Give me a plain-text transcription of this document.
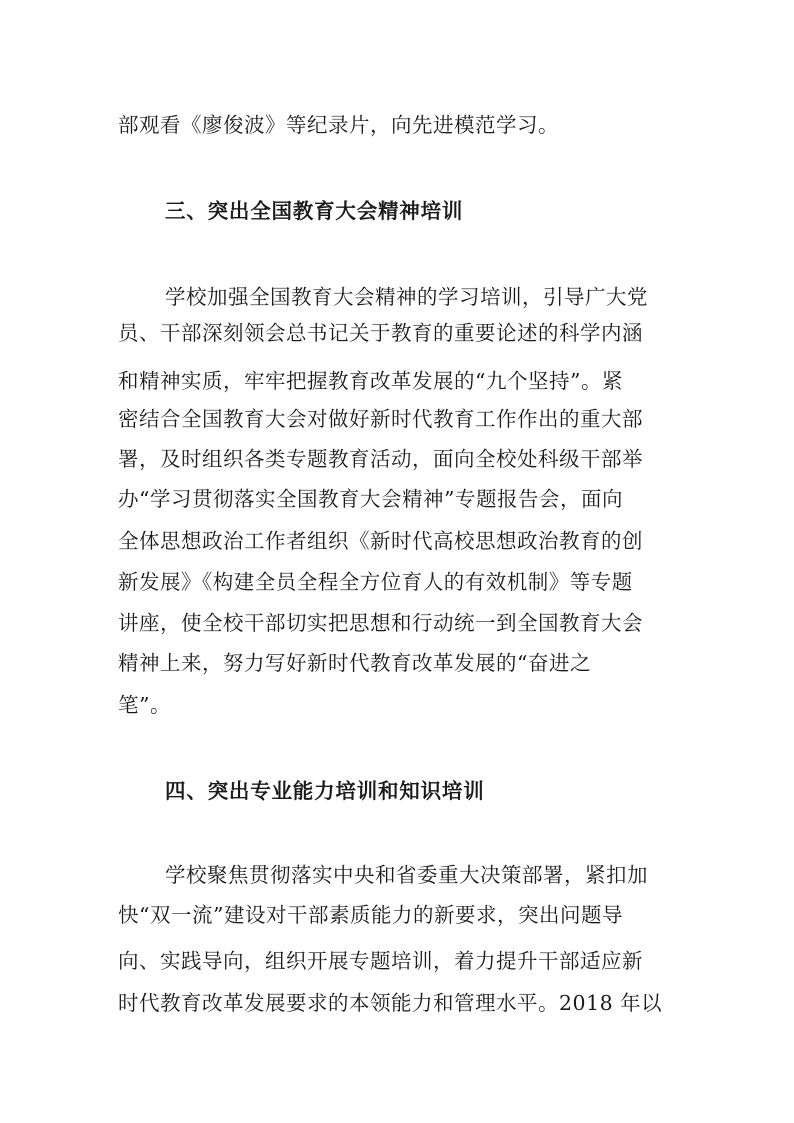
部观看《廖俊波》等纪录片，向先进模范学习。
三、突出全国教育大会精神培训
学校加强全国教育大会精神的学习培训，引导广大党
员、干部深刻领会总书记关于教育的重要论述的科学内涵
和精神实质，牢牢把握教育改革发展的“九个坚持”。紧
密结合全国教育大会对做好新时代教育工作作出的重大部
署，及时组织各类专题教育活动，面向全校处科级干部举
办“学习贯彻落实全国教育大会精神”专题报告会，面向
全体思想政治工作者组织《新时代高校思想政治教育的创
新发展》《构建全员全程全方位育人的有效机制》等专题
讲座，使全校干部切实把思想和行动统一到全国教育大会
精神上来，努力写好新时代教育改革发展的“奋进之
笔”。
四、突出专业能力培训和知识培训
学校聚焦贯彻落实中央和省委重大决策部署，紧扣加
快“双一流”建设对干部素质能力的新要求，突出问题导
向、实践导向，组织开展专题培训，着力提升干部适应新
时代教育改革发展要求的本领能力和管理水平。2018 年以
